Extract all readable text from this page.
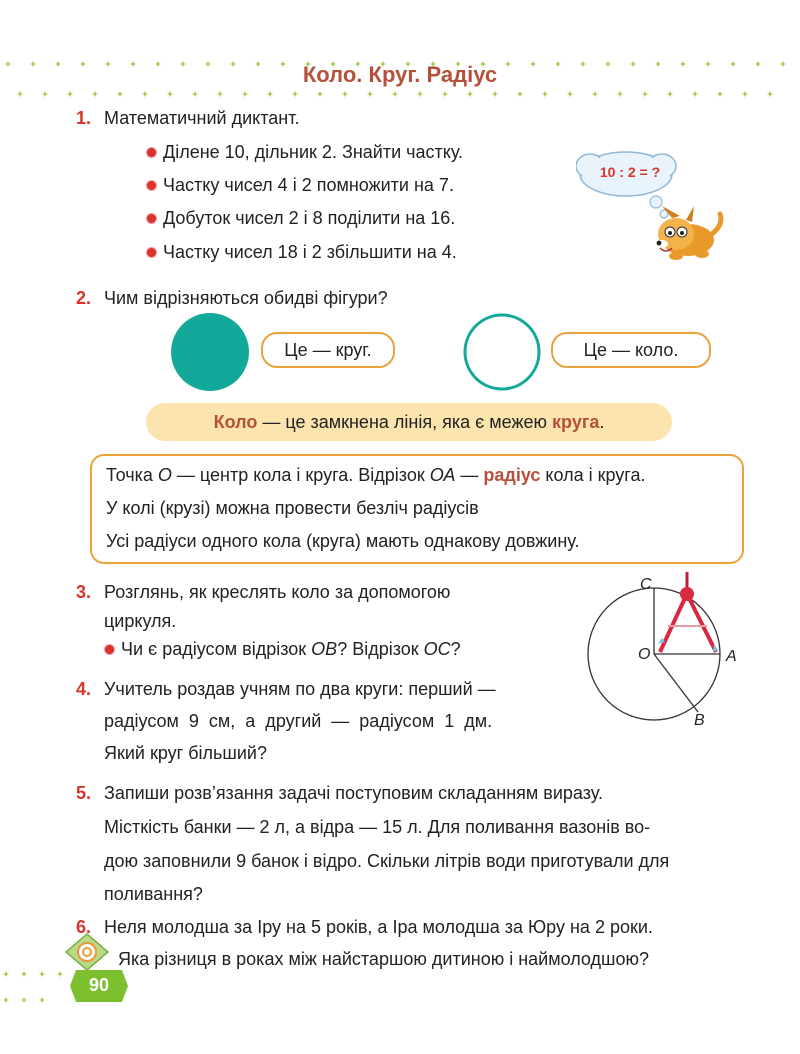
Коло. Круг. Радіус
1. Математичний диктант.
Ділене 10, дільник 2. Знайти частку.
Частку чисел 4 і 2 помножити на 7.
Добуток чисел 2 і 8 поділити на 16.
Частку чисел 18 і 2 збільшити на 4.
10 : 2 = ?
2. Чим відрізняються обидві фігури?
Це — круг.	Це — коло.
Коло — це замкнена лінія, яка є межею круга.
Точка О — центр кола і круга. Відрізок ОА — радіус кола і круга.
У колі (крузі) можна провести безліч радіусів
Усі радіуси одного кола (круга) мають однакову довжину.
3. Розглянь, як креслять коло за допомогою
циркуля.
Чи є радіусом відрізок ОВ? Відрізок ОС?
C
O	A
B
4. Учитель роздав учням по два круги: перший —
радіусом 9 см, а другий — радіусом 1 дм.
Який круг більший?
5. Запиши розв’язання задачі поступовим складанням виразу.
Місткість банки — 2 л, а відра — 15 л. Для поливання вазонів во-
дою заповнили 9 банок і відро. Скільки літрів води приготували для
поливання?
6. Неля молодша за Іру на 5 років, а Іра молодша за Юру на 2 роки.
Яка різниця в роках між найстаршою дитиною і наймолодшою?
90
